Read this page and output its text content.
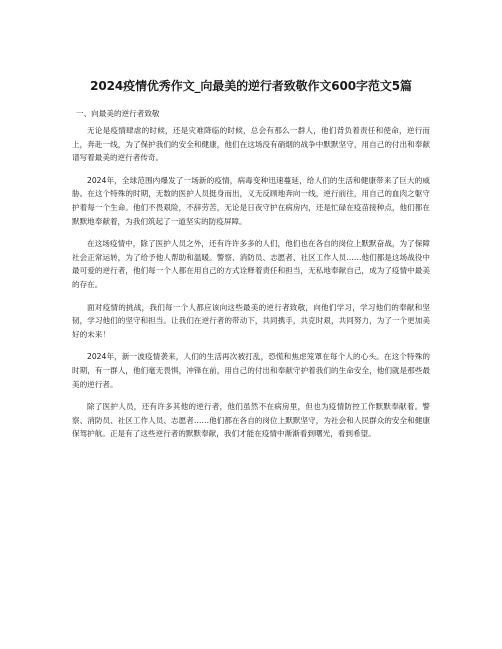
2024疫情优秀作文_向最美的逆行者致敬作文600字范文5篇
一、向最美的逆行者致敬

无论是疫情肆虐的时候，还是灾难降临的时候，总会有那么一群人，他们背负着责任和使命，逆行而上，奔赴一线，为了保护我们的安全和健康，他们在这场没有硝烟的战争中默默坚守，用自己的付出和奉献谱写着最美的逆行者传奇。

2024年，全球范围内爆发了一场新的疫情，病毒变种迅速蔓延，给人们的生活和健康带来了巨大的威胁。在这个特殊的时期，无数的医护人员挺身而出，义无反顾地奔向一线，逆行前往，用自己的血肉之躯守护着每一个生命。他们不畏艰险，不辞劳苦，无论是日夜守护在病房内，还是忙碌在疫苗接种点，他们都在默默地奉献着，为我们筑起了一道坚实的防疫屏障。

在这场疫情中，除了医护人员之外，还有许许多多的人们，他们也在各自的岗位上默默奋战，为了保障社会正常运转，为了给予他人帮助和温暖。警察、消防员、志愿者、社区工作人员……他们都是这场战役中最可爱的逆行者，他们每一个人都在用自己的方式诠释着责任和担当，无私地奉献自己，成为了疫情中最美的存在。

面对疫情的挑战，我们每一个人都应该向这些最美的逆行者致敬，向他们学习，学习他们的奉献和坚韧，学习他们的坚守和担当。让我们在逆行者的带动下，共同携手，共克时艰，共同努力，为了一个更加美好的未来！

2024年，新一波疫情袭来，人们的生活再次被打乱，恐慌和焦虑笼罩在每个人的心头。在这个特殊的时期，有一群人，他们毫无畏惧，冲锋在前，用自己的付出和奉献守护着我们的生命安全，他们就是那些最美的逆行者。

除了医护人员，还有许多其他的逆行者，他们虽然不在病房里，但也为疫情防控工作默默奉献着。警察、消防员、社区工作人员、志愿者……他们都在各自的岗位上默默坚守，为社会和人民群众的安全和健康保驾护航。正是有了这些逆行者的默默奉献，我们才能在疫情中渐渐看到曙光，看到希望。
